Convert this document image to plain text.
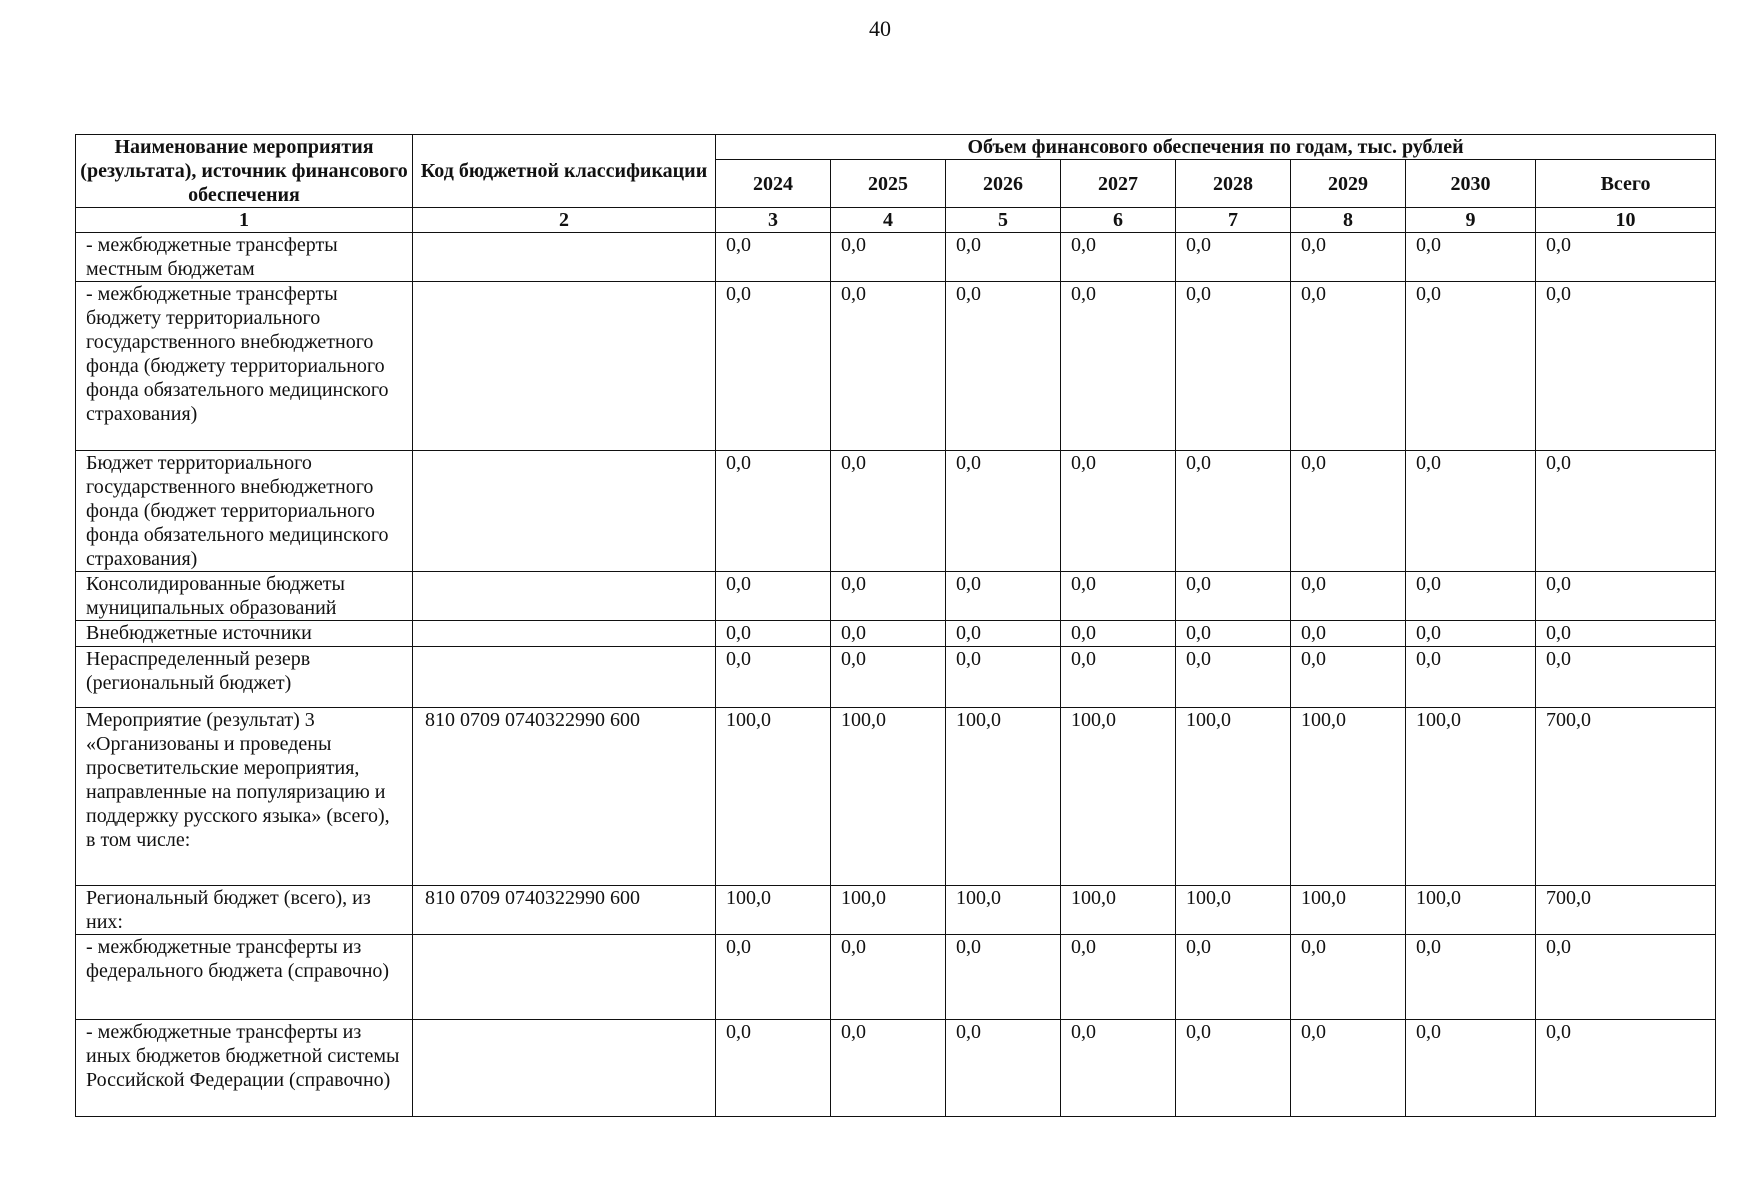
40
Наименование мероприятия (результата), источник финансового обеспечения	Код бюджетной классификации	Объем финансового обеспечения по годам, тыс. рублей							
		2024	2025	2026	2027	2028	2029	2030	Всего
1	2	3	4	5	6	7	8	9	10
- межбюджетные трансферты местным бюджетам		0,0	0,0	0,0	0,0	0,0	0,0	0,0	0,0
- межбюджетные трансферты бюджету территориального государственного внебюджетного фонда (бюджету территориального фонда обязательного медицинского страхования)		0,0	0,0	0,0	0,0	0,0	0,0	0,0	0,0
Бюджет территориального государственного внебюджетного фонда (бюджет территориального фонда обязательного медицинского страхования)		0,0	0,0	0,0	0,0	0,0	0,0	0,0	0,0
Консолидированные бюджеты муниципальных образований		0,0	0,0	0,0	0,0	0,0	0,0	0,0	0,0
Внебюджетные источники		0,0	0,0	0,0	0,0	0,0	0,0	0,0	0,0
Нераспределенный резерв (региональный бюджет)		0,0	0,0	0,0	0,0	0,0	0,0	0,0	0,0
Мероприятие (результат) 3 «Организованы и проведены просветительские мероприятия, направленные на популяризацию и поддержку русского языка» (всего), в том числе:	810 0709 0740322990 600	100,0	100,0	100,0	100,0	100,0	100,0	100,0	700,0
Региональный бюджет (всего), из них:	810 0709 0740322990 600	100,0	100,0	100,0	100,0	100,0	100,0	100,0	700,0
- межбюджетные трансферты из федерального бюджета (справочно)		0,0	0,0	0,0	0,0	0,0	0,0	0,0	0,0
- межбюджетные трансферты из иных бюджетов бюджетной системы Российской Федерации (справочно)		0,0	0,0	0,0	0,0	0,0	0,0	0,0	0,0
